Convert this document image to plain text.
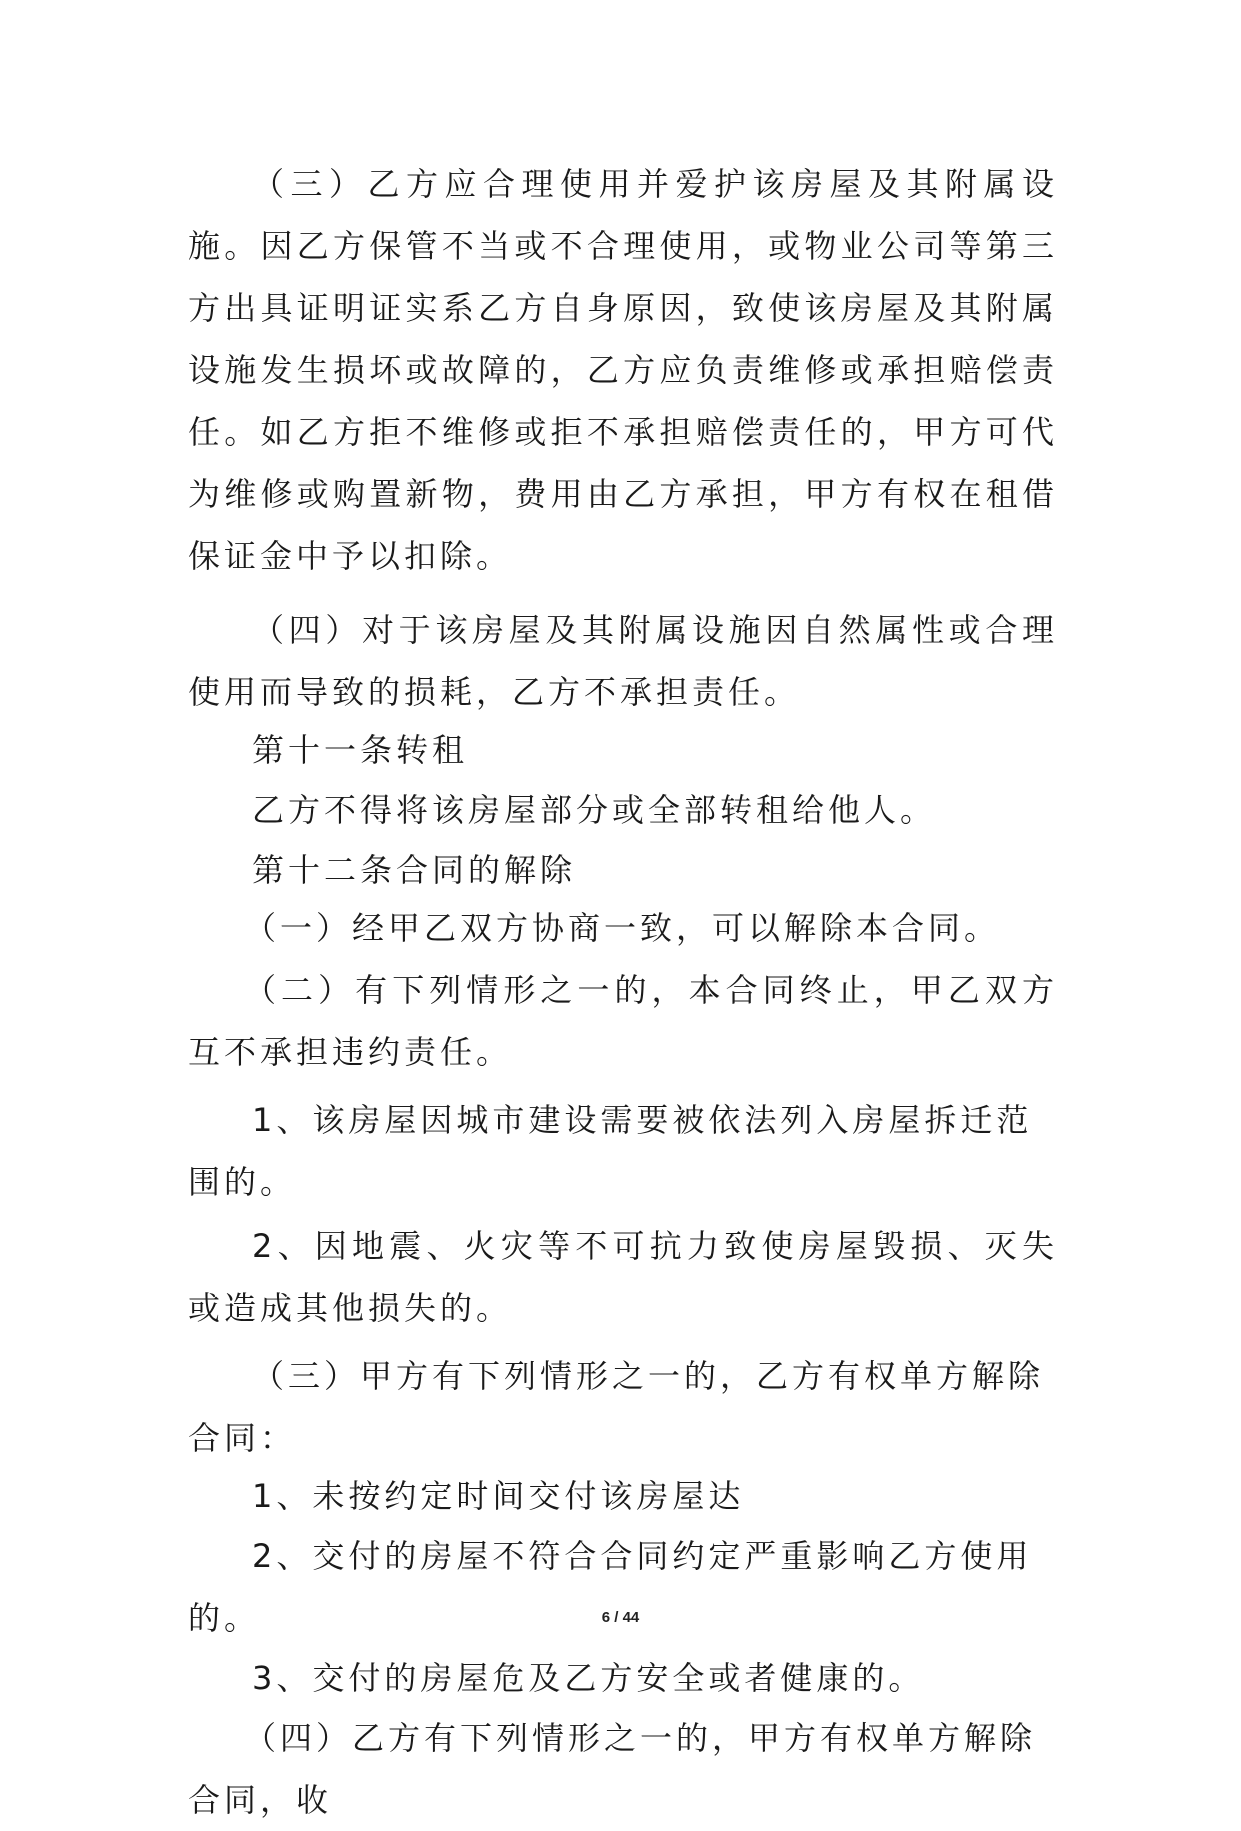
（三）乙方应合理使用并爱护该房屋及其附属设施。因乙方保管不当或不合理使用，或物业公司等第三方出具证明证实系乙方自身原因，致使该房屋及其附属设施发生损坏或故障的，乙方应负责维修或承担赔偿责任。如乙方拒不维修或拒不承担赔偿责任的，甲方可代为维修或购置新物，费用由乙方承担，甲方有权在租借保证金中予以扣除。

（四）对于该房屋及其附属设施因自然属性或合理使用而导致的损耗，乙方不承担责任。

第十一条转租

乙方不得将该房屋部分或全部转租给他人。

第十二条合同的解除

（一）经甲乙双方协商一致，可以解除本合同。

（二）有下列情形之一的，本合同终止，甲乙双方互不承担违约责任。

1、该房屋因城市建设需要被依法列入房屋拆迁范围的。

2、因地震、火灾等不可抗力致使房屋毁损、灭失或造成其他损失的。

（三）甲方有下列情形之一的，乙方有权单方解除合同：

1、未按约定时间交付该房屋达

2、交付的房屋不符合合同约定严重影响乙方使用的。

3、交付的房屋危及乙方安全或者健康的。

（四）乙方有下列情形之一的，甲方有权单方解除合同，收

6 / 44
